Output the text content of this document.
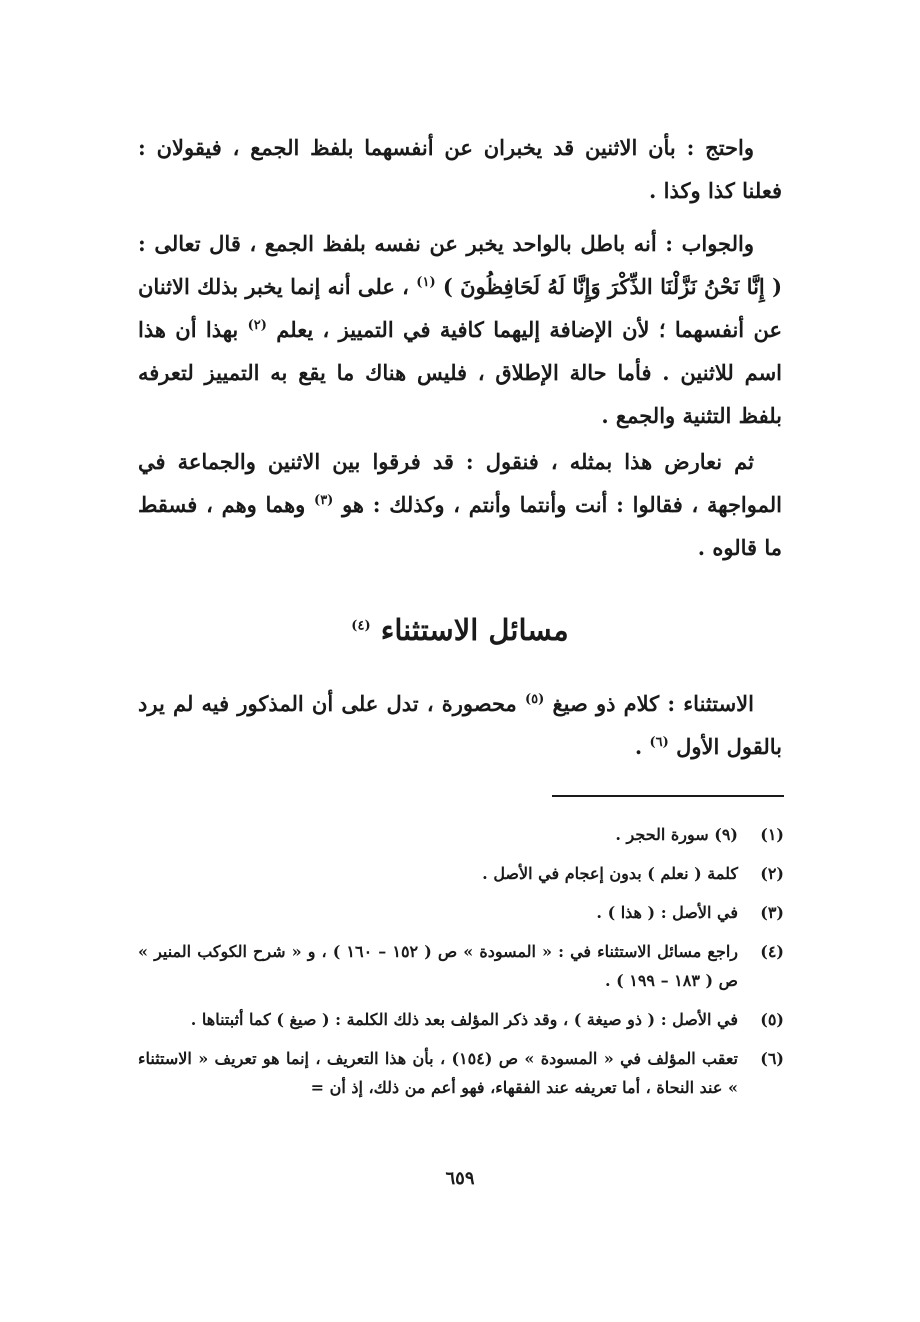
واحتج : بأن الاثنين قد يخبران عن أنفسهما بلفظ الجمع ، فيقولان : فعلنا كذا وكذا .
والجواب : أنه باطل بالواحد يخبر عن نفسه بلفظ الجمع ، قال تعالى : ( إِنَّا نَحْنُ نَزَّلْنَا الذِّكْرَ وَإِنَّا لَهُ لَحَافِظُونَ ) $^{(١)}$ ، على أنه إنما يخبر بذلك الاثنان عن أنفسهما ؛ لأن الإضافة إليهما كافية في التمييز ، يعلم $^{(٢)}$ بهذا أن هذا اسم للاثنين . فأما حالة الإطلاق ، فليس هناك ما يقع به التمييز لتعرفه بلفظ التثنية والجمع .
ثم نعارض هذا بمثله ، فنقول : قد فرقوا بين الاثنين والجماعة في المواجهة ، فقالوا : أنت وأنتما وأنتم ، وكذلك : هو $^{(٣)}$ وهما وهم ، فسقط ما قالوه .
مسائل الاستثناء $^{(٤)}$
الاستثناء : كلام ذو صيغ $^{(٥)}$ محصورة ، تدل على أن المذكور فيه لم يرد بالقول الأول $^{(٦)}$ .
(١)
(٩) سورة الحجر .
(٢)
كلمة ( نعلم ) بدون إعجام في الأصل .
(٣)
في الأصل : ( هذا ) .
(٤)
راجع مسائل الاستثناء في : « المسودة » ص ( ١٥٢ – ١٦٠ ) ، و « شرح الكوكب المنير » ص ( ١٨٣ – ١٩٩ ) .
(٥)
في الأصل : ( ذو صيغة ) ، وقد ذكر المؤلف بعد ذلك الكلمة : ( صيغ ) كما أثبتناها .
(٦)
تعقب المؤلف في « المسودة » ص (١٥٤) ، بأن هذا التعريف ، إنما هو تعريف « الاستثناء » عند النحاة ، أما تعريفه عند الفقهاء، فهو أعم من ذلك، إذ أن =
٦٥٩
